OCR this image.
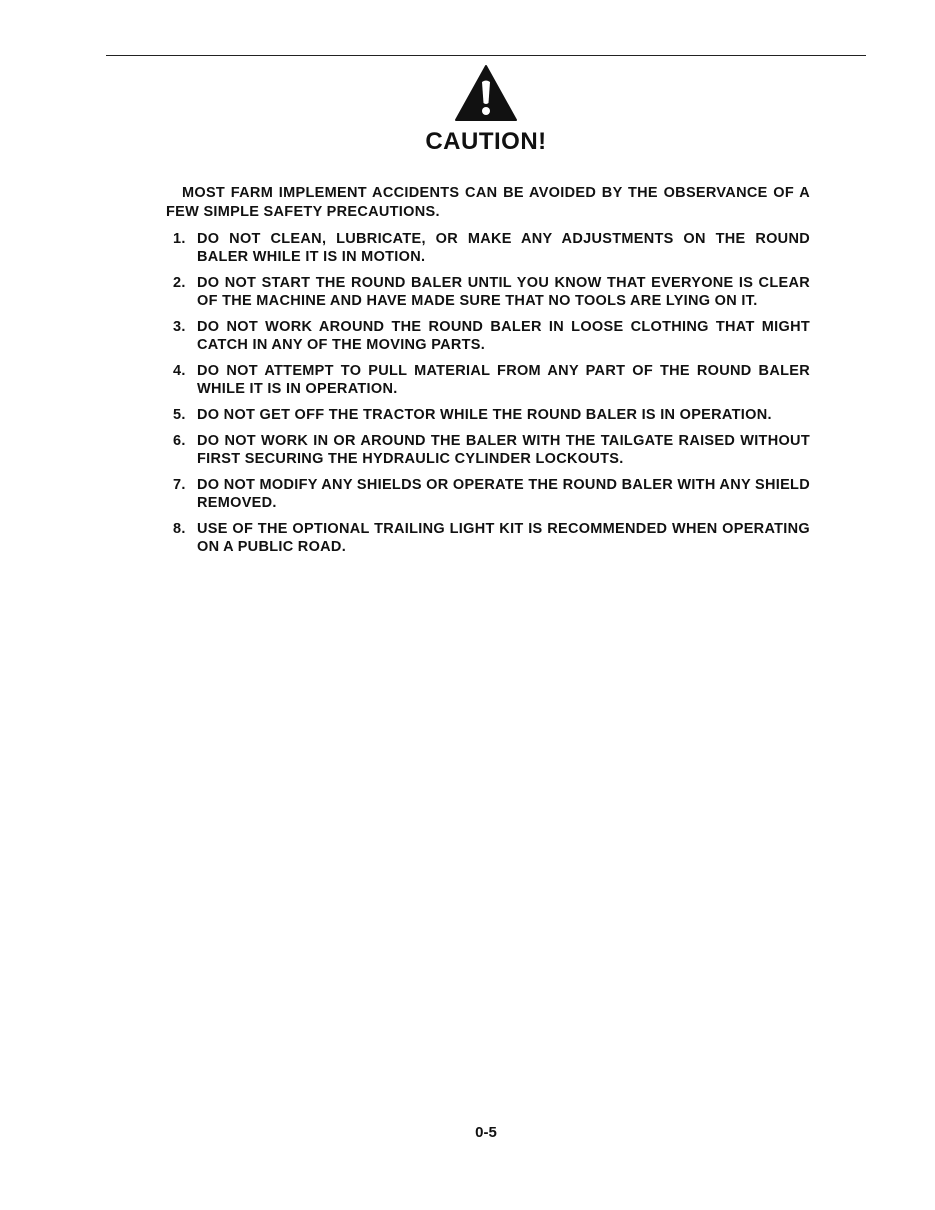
CAUTION!
MOST FARM IMPLEMENT ACCIDENTS CAN BE AVOIDED BY THE OBSERVANCE OF A FEW SIMPLE SAFETY PRECAUTIONS.
1. DO NOT CLEAN, LUBRICATE, OR MAKE ANY ADJUSTMENTS ON THE ROUND BALER WHILE IT IS IN MOTION.
2. DO NOT START THE ROUND BALER UNTIL YOU KNOW THAT EVERYONE IS CLEAR OF THE MACHINE AND HAVE MADE SURE THAT NO TOOLS ARE LYING ON IT.
3. DO NOT WORK AROUND THE ROUND BALER IN LOOSE CLOTHING THAT MIGHT CATCH IN ANY OF THE MOVING PARTS.
4. DO NOT ATTEMPT TO PULL MATERIAL FROM ANY PART OF THE ROUND BALER WHILE IT IS IN OPERATION.
5. DO NOT GET OFF THE TRACTOR WHILE THE ROUND BALER IS IN OPERATION.
6. DO NOT WORK IN OR AROUND THE BALER WITH THE TAILGATE RAISED WITHOUT FIRST SECURING THE HYDRAULIC CYLINDER LOCKOUTS.
7. DO NOT MODIFY ANY SHIELDS OR OPERATE THE ROUND BALER WITH ANY SHIELD REMOVED.
8. USE OF THE OPTIONAL TRAILING LIGHT KIT IS RECOMMENDED WHEN OPERATING ON A PUBLIC ROAD.
0-5
